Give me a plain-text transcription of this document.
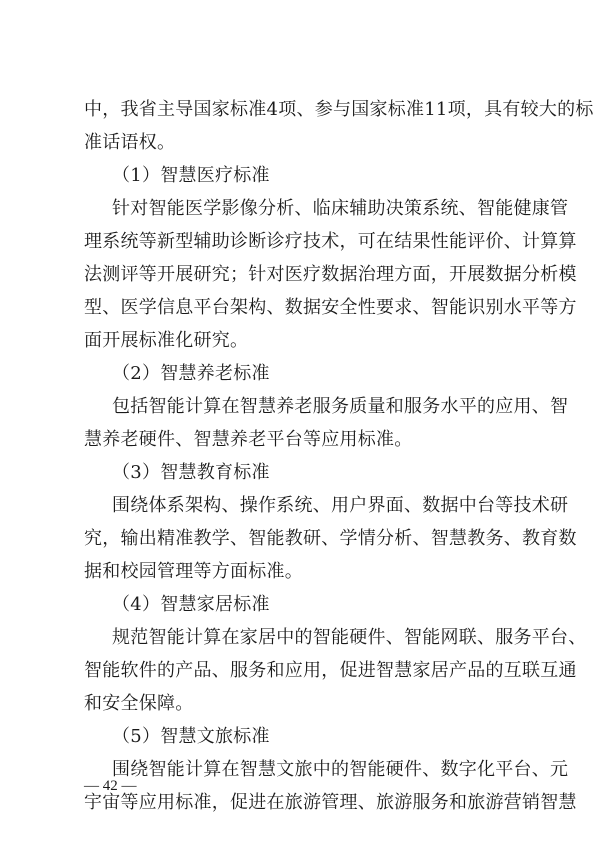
中，我省主导国家标准4项、参与国家标准11项，具有较大的标
准话语权。
（1）智慧医疗标准
针对智能医学影像分析、临床辅助决策系统、智能健康管
理系统等新型辅助诊断诊疗技术，可在结果性能评价、计算算
法测评等开展研究；针对医疗数据治理方面，开展数据分析模
型、医学信息平台架构、数据安全性要求、智能识别水平等方
面开展标准化研究。
（2）智慧养老标准
包括智能计算在智慧养老服务质量和服务水平的应用、智
慧养老硬件、智慧养老平台等应用标准。
（3）智慧教育标准
围绕体系架构、操作系统、用户界面、数据中台等技术研
究，输出精准教学、智能教研、学情分析、智慧教务、教育数
据和校园管理等方面标准。
（4）智慧家居标准
规范智能计算在家居中的智能硬件、智能网联、服务平台、
智能软件的产品、服务和应用，促进智慧家居产品的互联互通
和安全保障。
（5）智慧文旅标准
围绕智能计算在智慧文旅中的智能硬件、数字化平台、元
宇宙等应用标准，促进在旅游管理、旅游服务和旅游营销智慧
— 42 —
